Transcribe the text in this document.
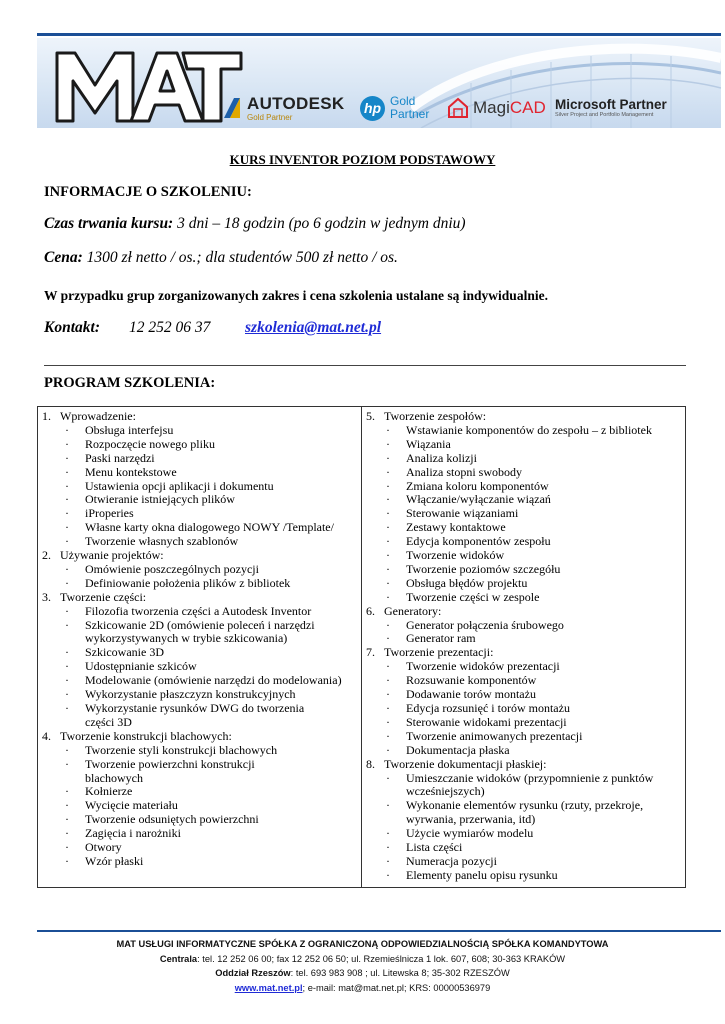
AUTODESK
Gold Partner
hp Gold
Partner	MagiCAD Microsoft Partner
Silver Project and Portfolio Management
KURS INVENTOR POZIOM PODSTAWOWY
INFORMACJE O SZKOLENIU:
Czas trwania kursu: 3 dni – 18 godzin (po 6 godzin w jednym dniu)
Cena: 1300 zł netto / os.; dla studentów 500 zł netto / os.
W przypadku grup zorganizowanych zakres i cena szkolenia ustalane są indywidualnie.
Kontakt: 12 252 06 37 szkolenia@mat.net.pl
PROGRAM SZKOLENIA:
1. Wprowadzenie:
· Obsługa interfejsu
· Rozpoczęcie nowego pliku
· Paski narzędzi
· Menu kontekstowe
· Ustawienia opcji aplikacji i dokumentu
· Otwieranie istniejących plików
· iProperies
· Własne karty okna dialogowego NOWY /Template/
· Tworzenie własnych szablonów
2. Używanie projektów:
· Omówienie poszczególnych pozycji
· Definiowanie położenia plików z bibliotek
3. Tworzenie części:
· Filozofia tworzenia części a Autodesk Inventor
· Szkicowanie 2D (omówienie poleceń i narzędzi
wykorzystywanych w trybie szkicowania)
· Szkicowanie 3D
· Udostępnianie szkiców
· Modelowanie (omówienie narzędzi do modelowania)
· Wykorzystanie płaszczyzn konstrukcyjnych
· Wykorzystanie rysunków DWG do tworzenia
części 3D
4. Tworzenie konstrukcji blachowych:
· Tworzenie styli konstrukcji blachowych
· Tworzenie powierzchni konstrukcji
blachowych
· Kołnierze
· Wycięcie materiału
· Tworzenie odsuniętych powierzchni
· Zagięcia i narożniki
· Otwory
· Wzór płaski
5. Tworzenie zespołów:
· Wstawianie komponentów do zespołu – z bibliotek
· Wiązania
· Analiza kolizji
· Analiza stopni swobody
· Zmiana koloru komponentów
· Włączanie/wyłączanie wiązań
· Sterowanie wiązaniami
· Zestawy kontaktowe
· Edycja komponentów zespołu
· Tworzenie widoków
· Tworzenie poziomów szczegółu
· Obsługa błędów projektu
· Tworzenie części w zespole
6. Generatory:
· Generator połączenia śrubowego
· Generator ram
7. Tworzenie prezentacji:
· Tworzenie widoków prezentacji
· Rozsuwanie komponentów
· Dodawanie torów montażu
· Edycja rozsunięć i torów montażu
· Sterowanie widokami prezentacji
· Tworzenie animowanych prezentacji
· Dokumentacja płaska
8. Tworzenie dokumentacji płaskiej:
· Umieszczanie widoków (przypomnienie z punktów
wcześniejszych)
· Wykonanie elementów rysunku (rzuty, przekroje,
wyrwania, przerwania, itd)
· Użycie wymiarów modelu
· Lista części
· Numeracja pozycji
· Elementy panelu opisu rysunku
MAT USŁUGI INFORMATYCZNE SPÓŁKA Z OGRANICZONĄ ODPOWIEDZIALNOŚCIĄ SPÓŁKA KOMANDYTOWA
Centrala: tel. 12 252 06 00; fax 12 252 06 50; ul. Rzemieślnicza 1 lok. 607, 608; 30-363 KRAKÓW
Oddział Rzeszów: tel. 693 983 908 ; ul. Litewska 8; 35-302 RZESZÓW
www.mat.net.pl; e-mail: mat@mat.net.pl; KRS: 00000536979
